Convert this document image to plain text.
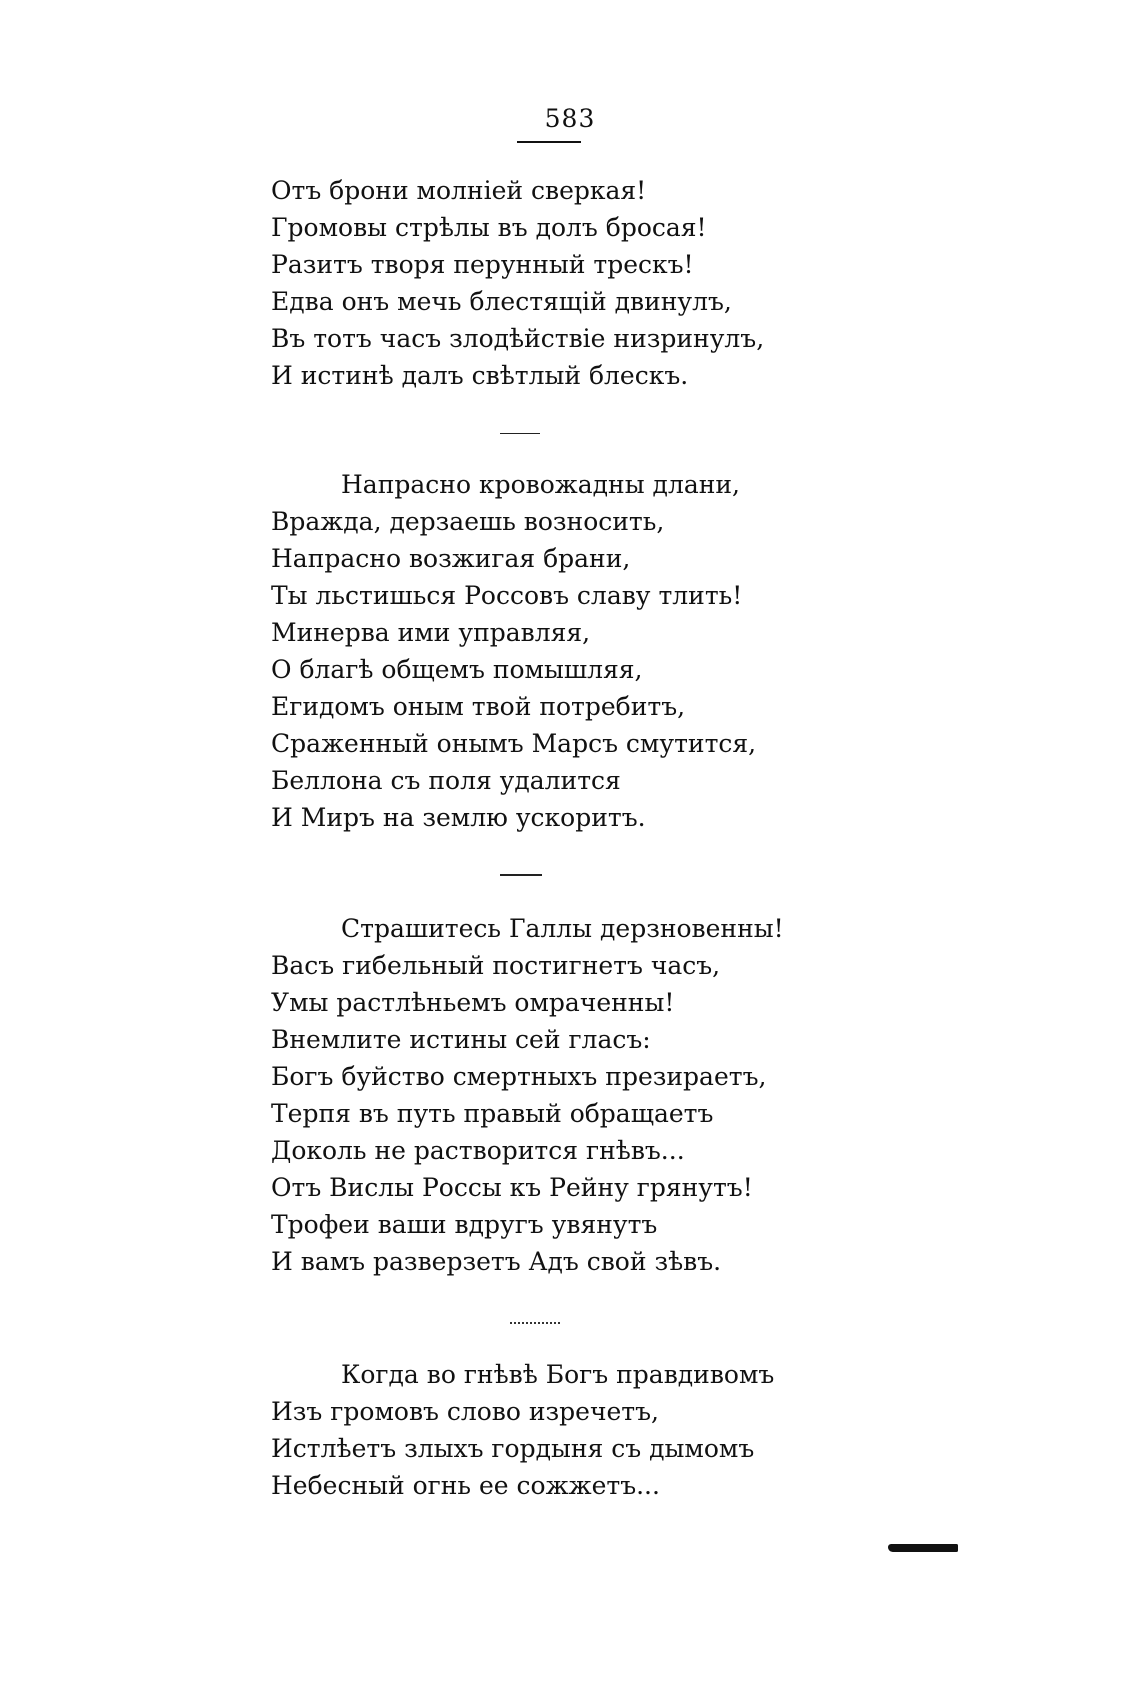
583
Отъ брони молніей сверкая!
Громовы стрѣлы въ долъ бросая!
Разитъ творя перунный трескъ!
Едва онъ мечь блестящій двинулъ,
Въ тотъ часъ злодѣйствіе низринулъ,
И истинѣ далъ свѣтлый блескъ.
Напрасно кровожадны длани,
Вражда, дерзаешь возносить,
Напрасно возжигая брани,
Ты льстишься Россовъ славу тлить!
Минерва ими управляя,
О благѣ общемъ помышляя,
Егидомъ оным твой потребитъ,
Сраженный онымъ Марсъ смутится,
Беллона съ поля удалится
И Миръ на землю ускоритъ.
Страшитесь Галлы дерзновенны!
Васъ гибельный постигнетъ часъ,
Умы растлѣньемъ омраченны!
Внемлите истины сей гласъ:
Богъ буйство смертныхъ презираетъ,
Терпя въ путь правый обращаетъ
Доколь не растворится гнѣвъ...
Отъ Вислы Россы къ Рейну грянутъ!
Трофеи ваши вдругъ увянутъ
И вамъ разверзетъ Адъ свой зѣвъ.
Когда во гнѣвѣ Богъ правдивомъ
Изъ громовъ слово изречетъ,
Истлѣетъ злыхъ гордыня съ дымомъ
Небесный огнь ее сожжетъ...
